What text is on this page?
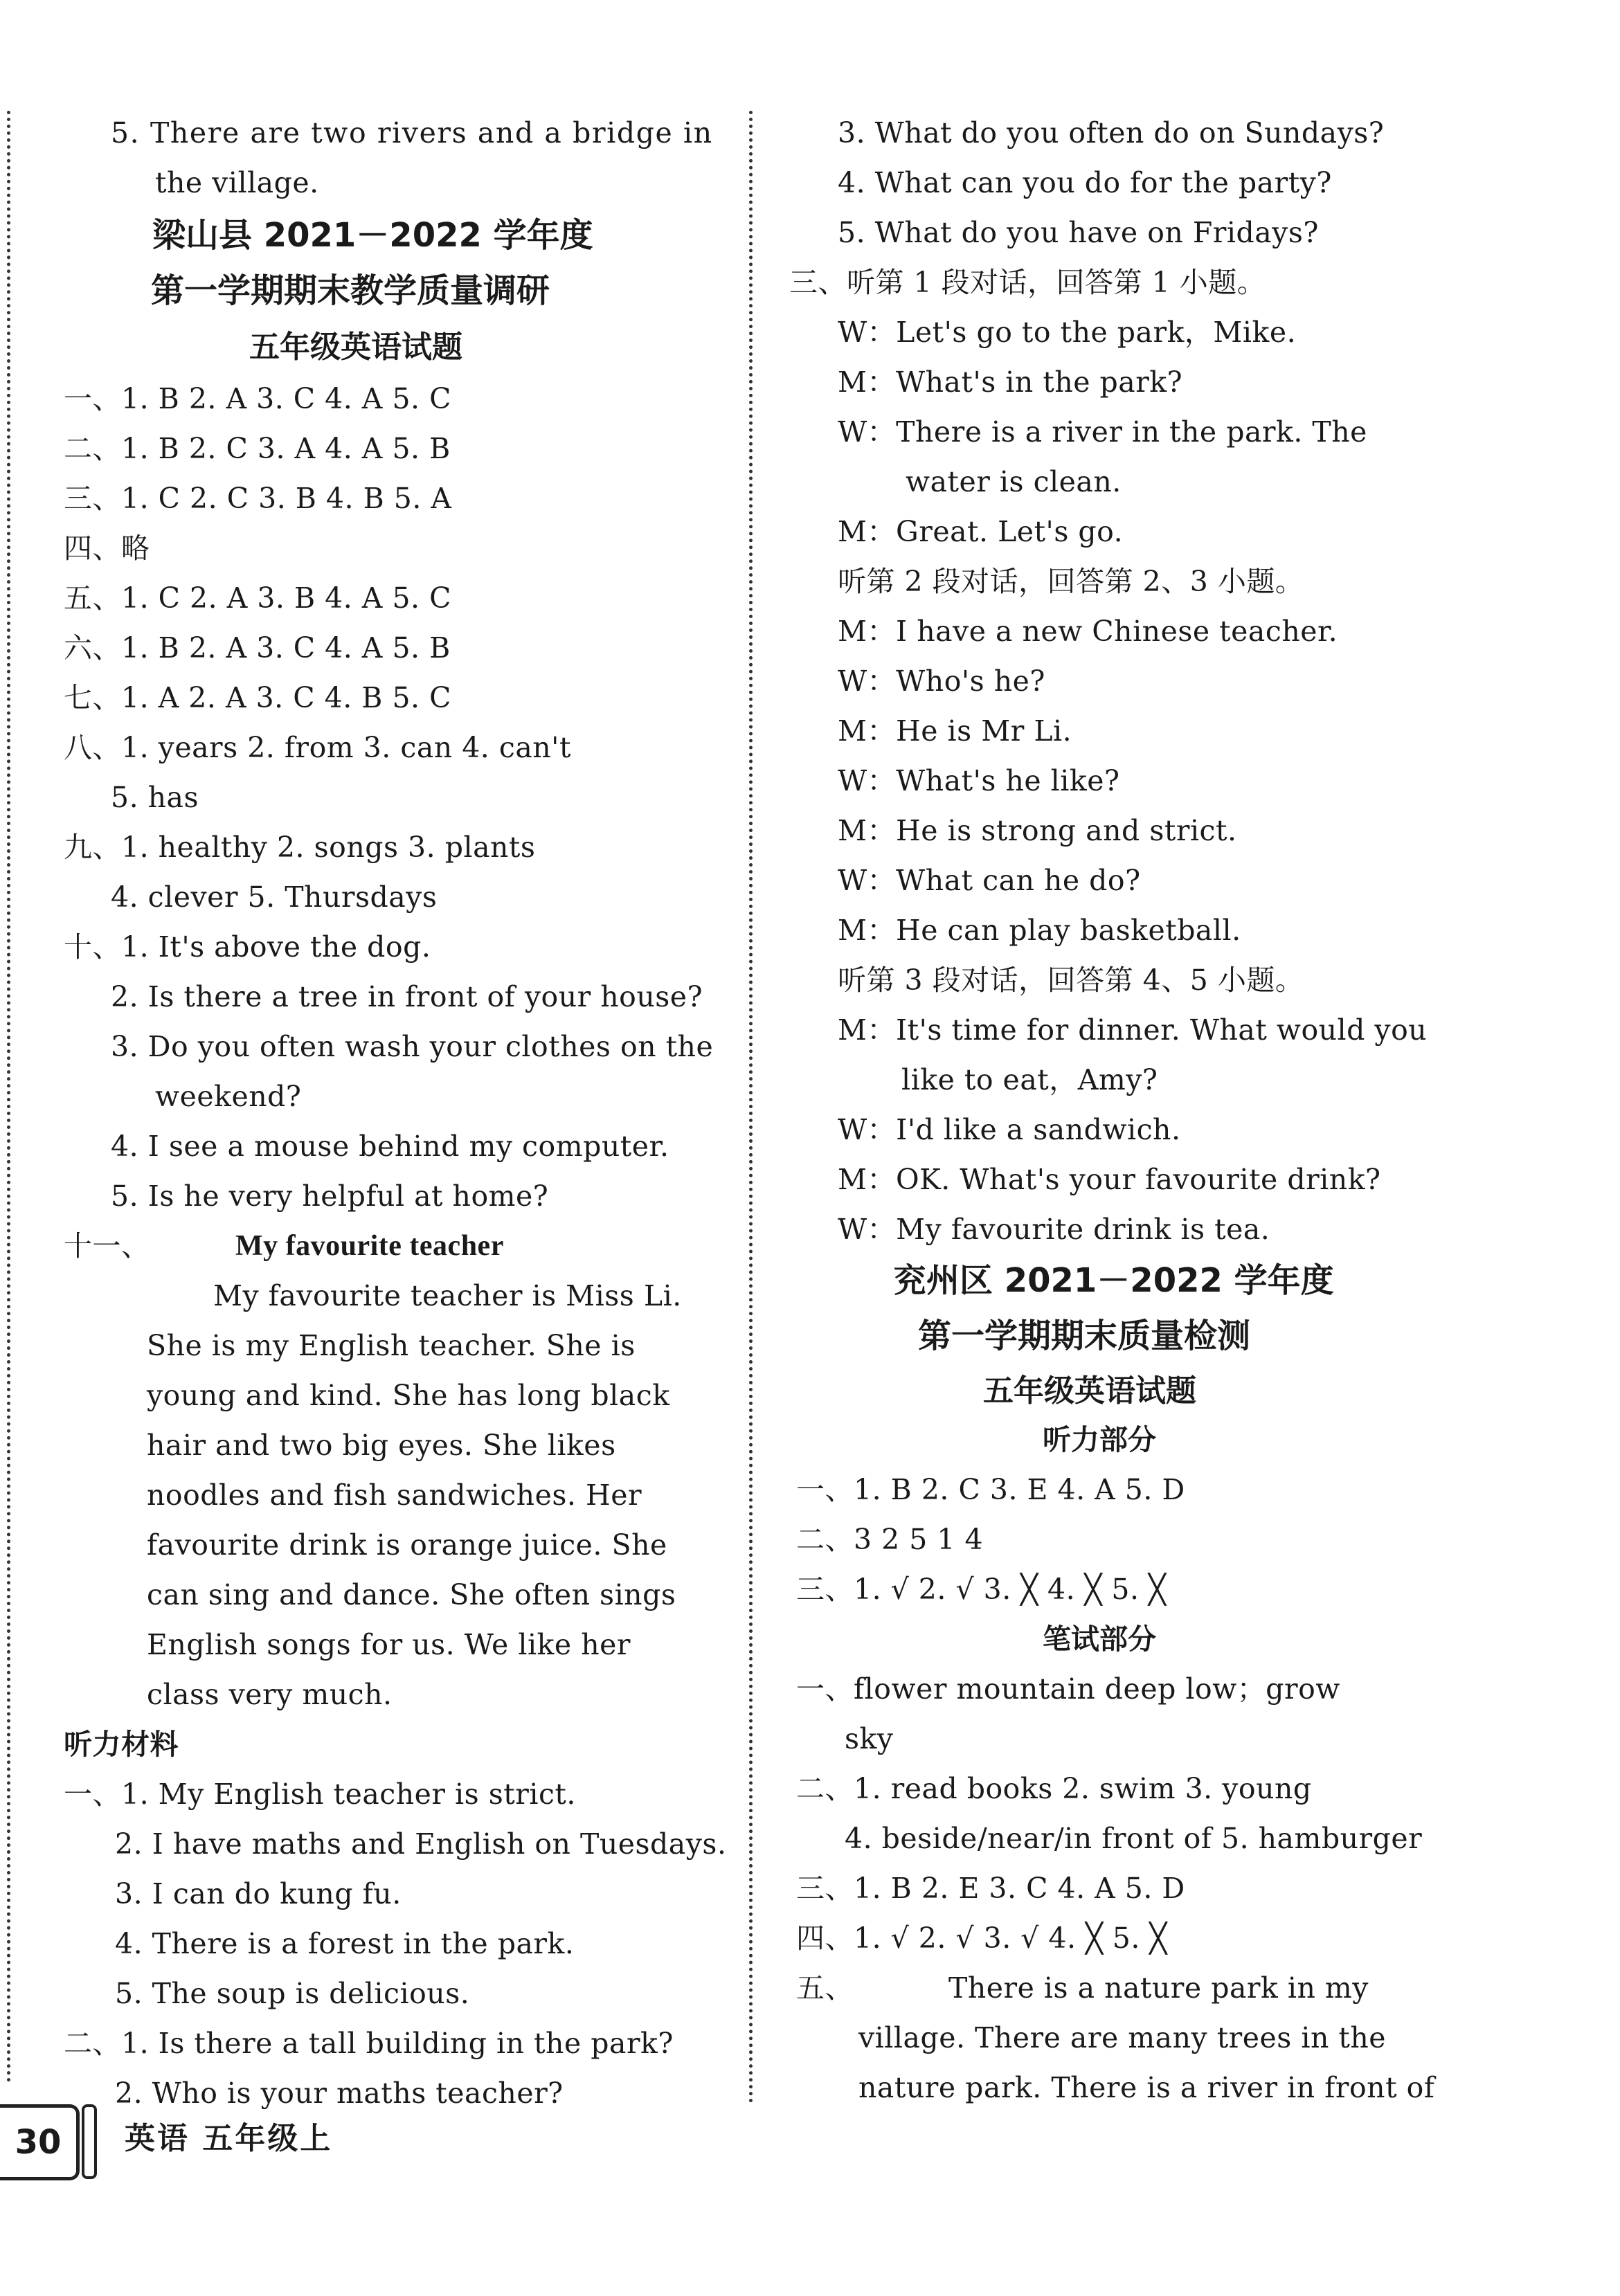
5. There are two rivers and a bridge in
the village.
梁山县 2021－2022 学年度
第一学期期末教学质量调研
五年级英语试题
一、1. B 2. A 3. C 4. A 5. C
二、1. B 2. C 3. A 4. A 5. B
三、1. C 2. C 3. B 4. B 5. A
四、略
五、1. C 2. A 3. B 4. A 5. C
六、1. B 2. A 3. C 4. A 5. B
七、1. A 2. A 3. C 4. B 5. C
八、1. years 2. from 3. can 4. can't
5. has
九、1. healthy 2. songs 3. plants
4. clever 5. Thursdays
十、1. It's above the dog.
2. Is there a tree in front of your house?
3. Do you often wash your clothes on the
weekend?
4. I see a mouse behind my computer.
5. Is he very helpful at home?
十一、	My favourite teacher
My favourite teacher is Miss Li.
She is my English teacher. She is
young and kind. She has long black
hair and two big eyes. She likes
noodles and fish sandwiches. Her
favourite drink is orange juice. She
can sing and dance. She often sings
English songs for us. We like her
class very much.
听力材料
一、1. My English teacher is strict.
2. I have maths and English on Tuesdays.
3. I can do kung fu.
4. There is a forest in the park.
5. The soup is delicious.
二、1. Is there a tall building in the park?
2. Who is your maths teacher?
3. What do you often do on Sundays?
4. What can you do for the party?
5. What do you have on Fridays?
三、听第 1 段对话，回答第 1 小题。
W：Let's go to the park，Mike.
M：What's in the park?
W：There is a river in the park. The
water is clean.
M：Great. Let's go.
听第 2 段对话，回答第 2、3 小题。
M：I have a new Chinese teacher.
W：Who's he?
M：He is Mr Li.
W：What's he like?
M：He is strong and strict.
W：What can he do?
M：He can play basketball.
听第 3 段对话，回答第 4、5 小题。
M：It's time for dinner. What would you
like to eat，Amy?
W：I'd like a sandwich.
M：OK. What's your favourite drink?
W：My favourite drink is tea.
兖州区 2021－2022 学年度
第一学期期末质量检测
五年级英语试题
听力部分
一、1. B 2. C 3. E 4. A 5. D
二、3 2 5 1 4
三、1. √ 2. √ 3. ╳ 4. ╳ 5. ╳
笔试部分
一、flower mountain deep low；grow
sky
二、1. read books 2. swim 3. young
4. beside/near/in front of 5. hamburger
三、1. B 2. E 3. C 4. A 5. D
四、1. √ 2. √ 3. √ 4. ╳ 5. ╳
五、	There is a nature park in my
village. There are many trees in the
nature park. There is a river in front of
30	英语 五年级上
